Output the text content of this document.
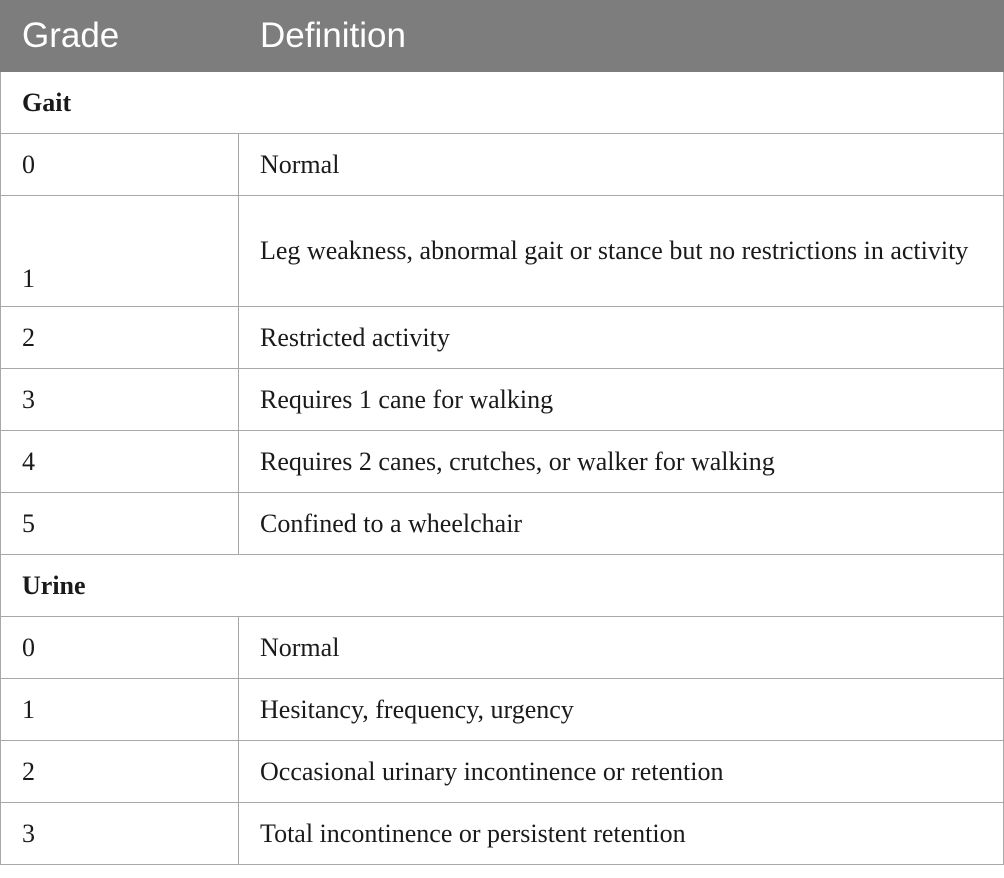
Grade	Definition
Gait	
0	Normal
1	Leg weakness, abnormal gait or stance but no restrictions in activity
2	Restricted activity
3	Requires 1 cane for walking
4	Requires 2 canes, crutches, or walker for walking
5	Confined to a wheelchair
Urine	
0	Normal
1	Hesitancy, frequency, urgency
2	Occasional urinary incontinence or retention
3	Total incontinence or persistent retention
